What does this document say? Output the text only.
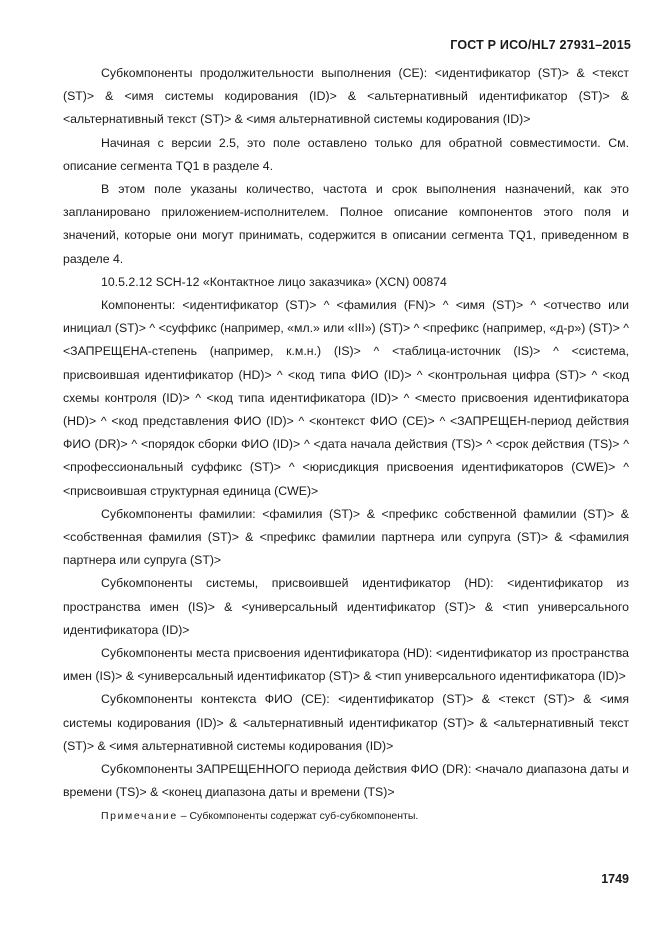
ГОСТ Р ИСО/HL7 27931–2015

Субкомпоненты продолжительности выполнения (CE): <идентификатор (ST)> & <текст (ST)> & <имя системы кодирования (ID)> & <альтернативный идентификатор (ST)> & <альтернативный текст (ST)> & <имя альтернативной системы кодирования (ID)>

Начиная с версии 2.5, это поле оставлено только для обратной совместимости. См. описание сегмента TQ1 в разделе 4.

В этом поле указаны количество, частота и срок выполнения назначений, как это запланировано приложением-исполнителем. Полное описание компонентов этого поля и значений, которые они могут принимать, содержится в описании сегмента TQ1, приведенном в разделе 4.

10.5.2.12 SCH-12 «Контактное лицо заказчика» (XCN) 00874

Компоненты: <идентификатор (ST)> ^ <фамилия (FN)> ^ <имя (ST)> ^ <отчество или инициал (ST)> ^ <суффикс (например, «мл.» или «III») (ST)> ^ <префикс (например, «д-р») (ST)> ^ <ЗАПРЕЩЕНА-степень (например, к.м.н.) (IS)> ^ <таблица-источник (IS)> ^ <система, присвоившая идентификатор (HD)> ^ <код типа ФИО (ID)> ^ <контрольная цифра (ST)> ^ <код схемы контроля (ID)> ^ <код типа идентификатора (ID)> ^ <место присвоения идентификатора (HD)> ^ <код представления ФИО (ID)> ^ <контекст ФИО (CE)> ^ <ЗАПРЕЩЕН-период действия ФИО (DR)> ^ <порядок сборки ФИО (ID)> ^ <дата начала действия (TS)> ^ <срок действия (TS)> ^ <профессиональный суффикс (ST)> ^ <юрисдикция присвоения идентификаторов (CWE)> ^ <присвоившая структурная единица (CWE)>

Субкомпоненты фамилии: <фамилия (ST)> & <префикс собственной фамилии (ST)> & <собственная фамилия (ST)> & <префикс фамилии партнера или супруга (ST)> & <фамилия партнера или супруга (ST)>

Субкомпоненты системы, присвоившей идентификатор (HD): <идентификатор из пространства имен (IS)> & <универсальный идентификатор (ST)> & <тип универсального идентификатора (ID)>

Субкомпоненты места присвоения идентификатора (HD): <идентификатор из пространства имен (IS)> & <универсальный идентификатор (ST)> & <тип универсального идентификатора (ID)>

Субкомпоненты контекста ФИО (CE): <идентификатор (ST)> & <текст (ST)> & <имя системы кодирования (ID)> & <альтернативный идентификатор (ST)> & <альтернативный текст (ST)> & <имя альтернативной системы кодирования (ID)>

Субкомпоненты ЗАПРЕЩЕННОГО периода действия ФИО (DR): <начало диапазона даты и времени (TS)> & <конец диапазона даты и времени (TS)>

Примечание – Субкомпоненты содержат суб-субкомпоненты.

1749
